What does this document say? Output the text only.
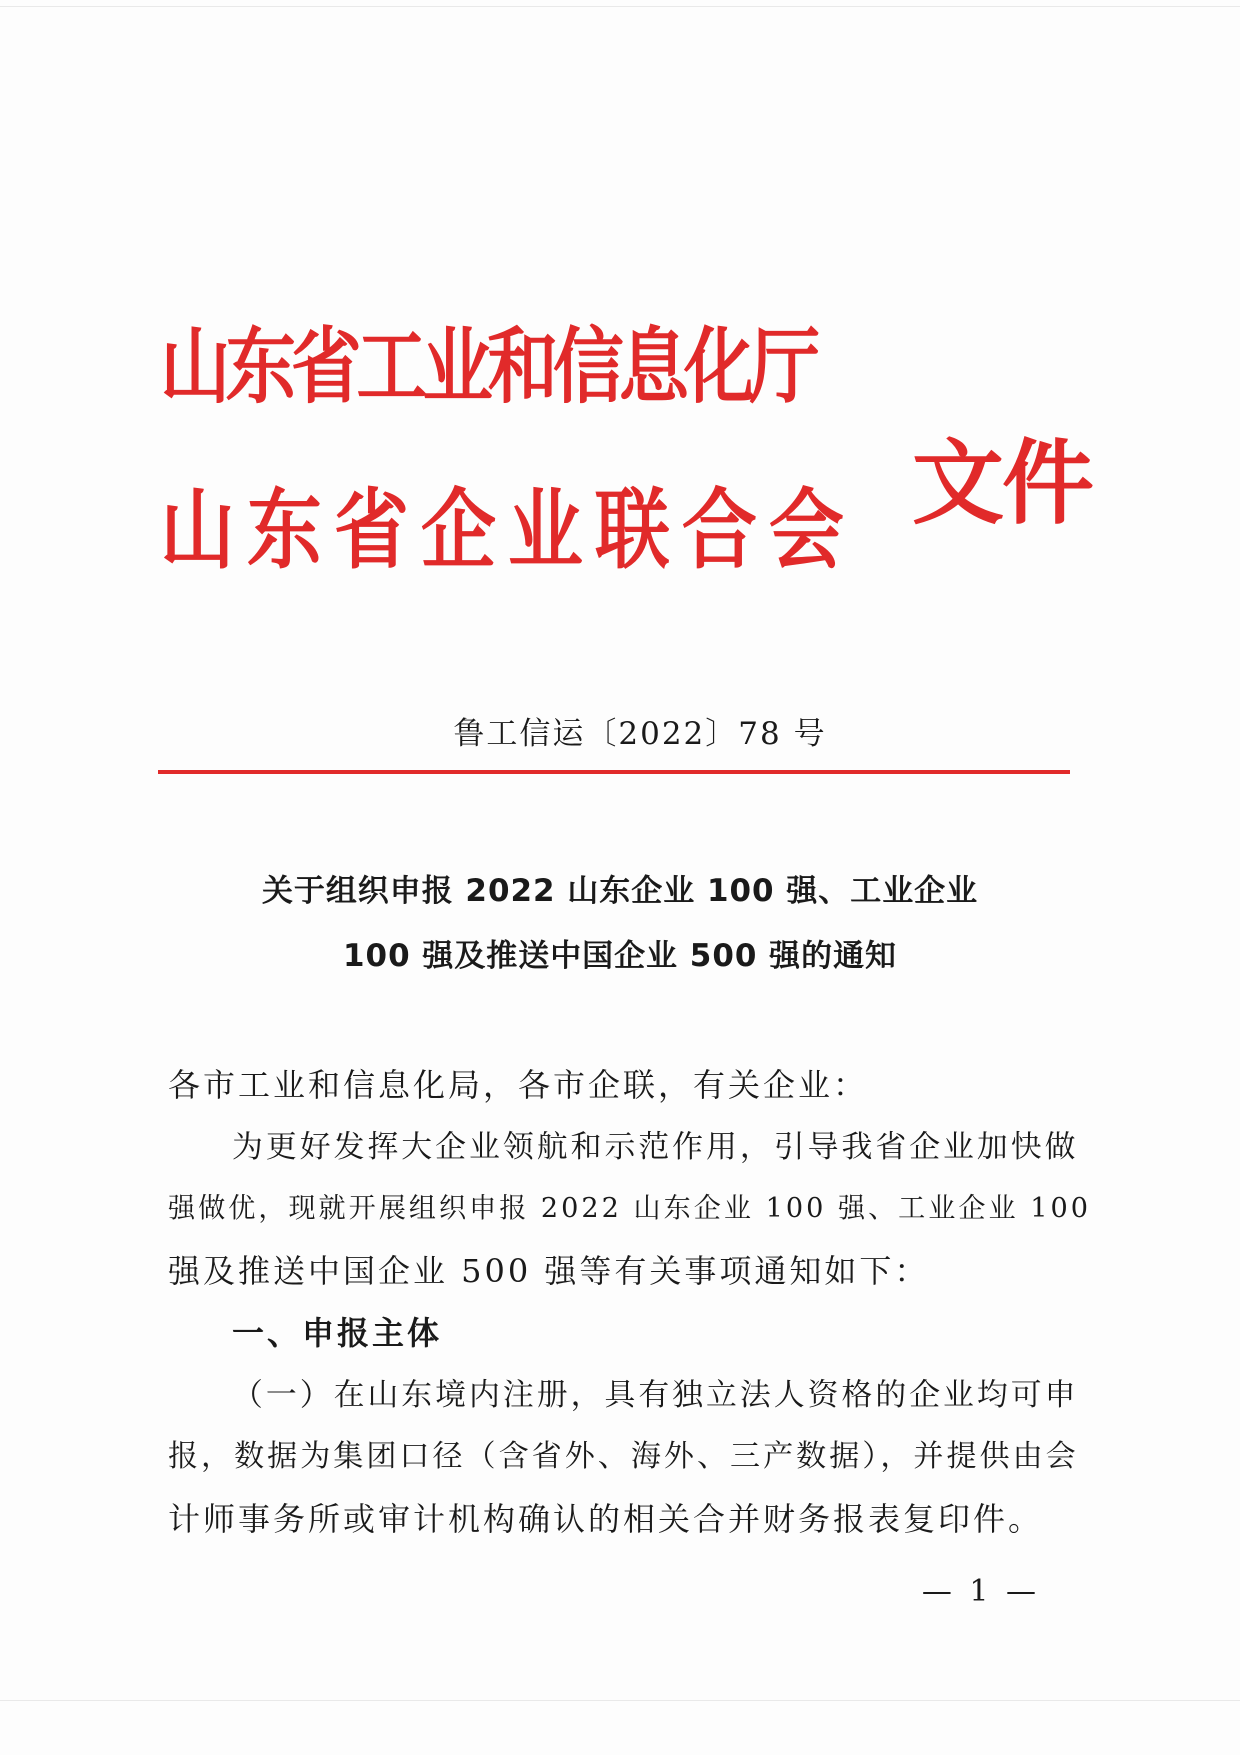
山东省工业和信息化厅
山东省企业联合会 文件
鲁工信运〔2022〕78 号
关于组织申报 2022 山东企业 100 强、工业企业
100 强及推送中国企业 500 强的通知
各市工业和信息化局，各市企联，有关企业：
为更好发挥大企业领航和示范作用，引导我省企业加快做
强做优，现就开展组织申报 2022 山东企业 100 强、工业企业 100
强及推送中国企业 500 强等有关事项通知如下：
一、申报主体
（一）在山东境内注册，具有独立法人资格的企业均可申
报，数据为集团口径（含省外、海外、三产数据），并提供由会
计师事务所或审计机构确认的相关合并财务报表复印件。
— 1 —
